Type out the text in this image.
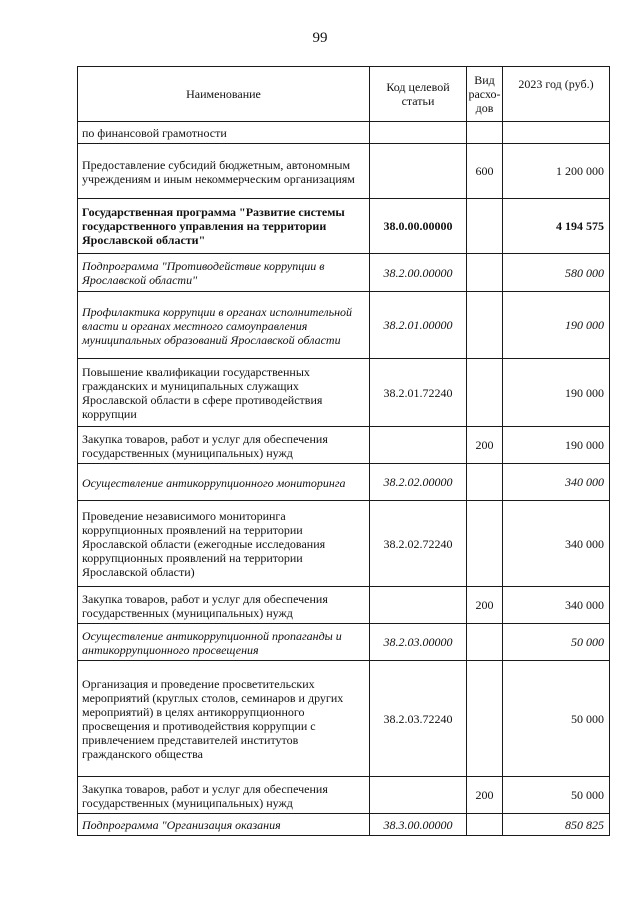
99
Наименование	Код целевой статьи	Вид расхо- дов	2023 год (руб.)
по финансовой грамотности			
Предоставление субсидий бюджетным, автономным учреждениям и иным некоммерческим организациям		600	1 200 000
Государственная программа "Развитие системы государственного управления на территории Ярославской области"	38.0.00.00000		4 194 575
Подпрограмма "Противодействие коррупции в Ярославской области"	38.2.00.00000		580 000
Профилактика коррупции в органах исполнительной власти и органах местного самоуправления муниципальных образований Ярославской области	38.2.01.00000		190 000
Повышение квалификации государственных гражданских и муниципальных служащих Ярославской области в сфере противодействия коррупции	38.2.01.72240		190 000
Закупка товаров, работ и услуг для обеспечения государственных (муниципальных) нужд		200	190 000
Осуществление антикоррупционного мониторинга	38.2.02.00000		340 000
Проведение независимого мониторинга коррупционных проявлений на территории Ярославской области (ежегодные исследования коррупционных проявлений на территории Ярославской области)	38.2.02.72240		340 000
Закупка товаров, работ и услуг для обеспечения государственных (муниципальных) нужд		200	340 000
Осуществление антикоррупционной пропаганды и антикоррупционного просвещения	38.2.03.00000		50 000
Организация и проведение просветительских мероприятий (круглых столов, семинаров и других мероприятий) в целях антикоррупционного просвещения и противодействия коррупции с привлечением представителей институтов гражданского общества	38.2.03.72240		50 000
Закупка товаров, работ и услуг для обеспечения государственных (муниципальных) нужд		200	50 000
Подпрограмма "Организация оказания	38.3.00.00000		850 825
